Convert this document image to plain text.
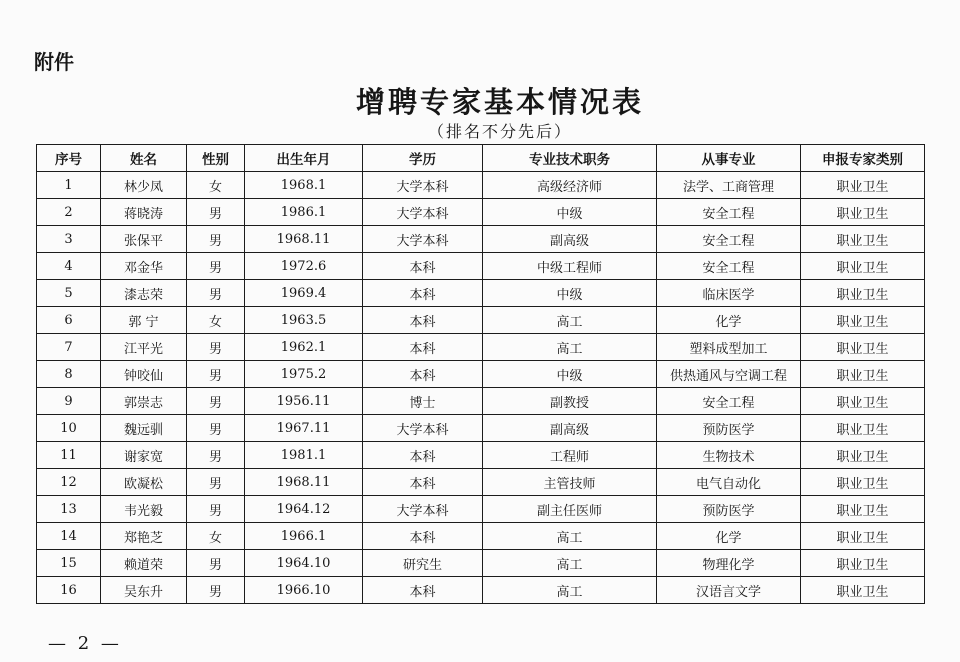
附件
增聘专家基本情况表
（排名不分先后）
序号	姓名	性别	出生年月	学历	专业技术职务	从事专业	申报专家类别
1	林少凤	女	1968.1	大学本科	高级经济师	法学、工商管理	职业卫生
2	蒋晓涛	男	1986.1	大学本科	中级	安全工程	职业卫生
3	张保平	男	1968.11	大学本科	副高级	安全工程	职业卫生
4	邓金华	男	1972.6	本科	中级工程师	安全工程	职业卫生
5	漆志荣	男	1969.4	本科	中级	临床医学	职业卫生
6	郭 宁	女	1963.5	本科	高工	化学	职业卫生
7	江平光	男	1962.1	本科	高工	塑料成型加工	职业卫生
8	钟咬仙	男	1975.2	本科	中级	供热通风与空调工程	职业卫生
9	郭崇志	男	1956.11	博士	副教授	安全工程	职业卫生
10	魏远驯	男	1967.11	大学本科	副高级	预防医学	职业卫生
11	谢家宽	男	1981.1	本科	工程师	生物技术	职业卫生
12	欧凝松	男	1968.11	本科	主管技师	电气自动化	职业卫生
13	韦光毅	男	1964.12	大学本科	副主任医师	预防医学	职业卫生
14	郑艳芝	女	1966.1	本科	高工	化学	职业卫生
15	赖道荣	男	1964.10	研究生	高工	物理化学	职业卫生
16	吴东升	男	1966.10	本科	高工	汉语言文学	职业卫生
— 2 —
